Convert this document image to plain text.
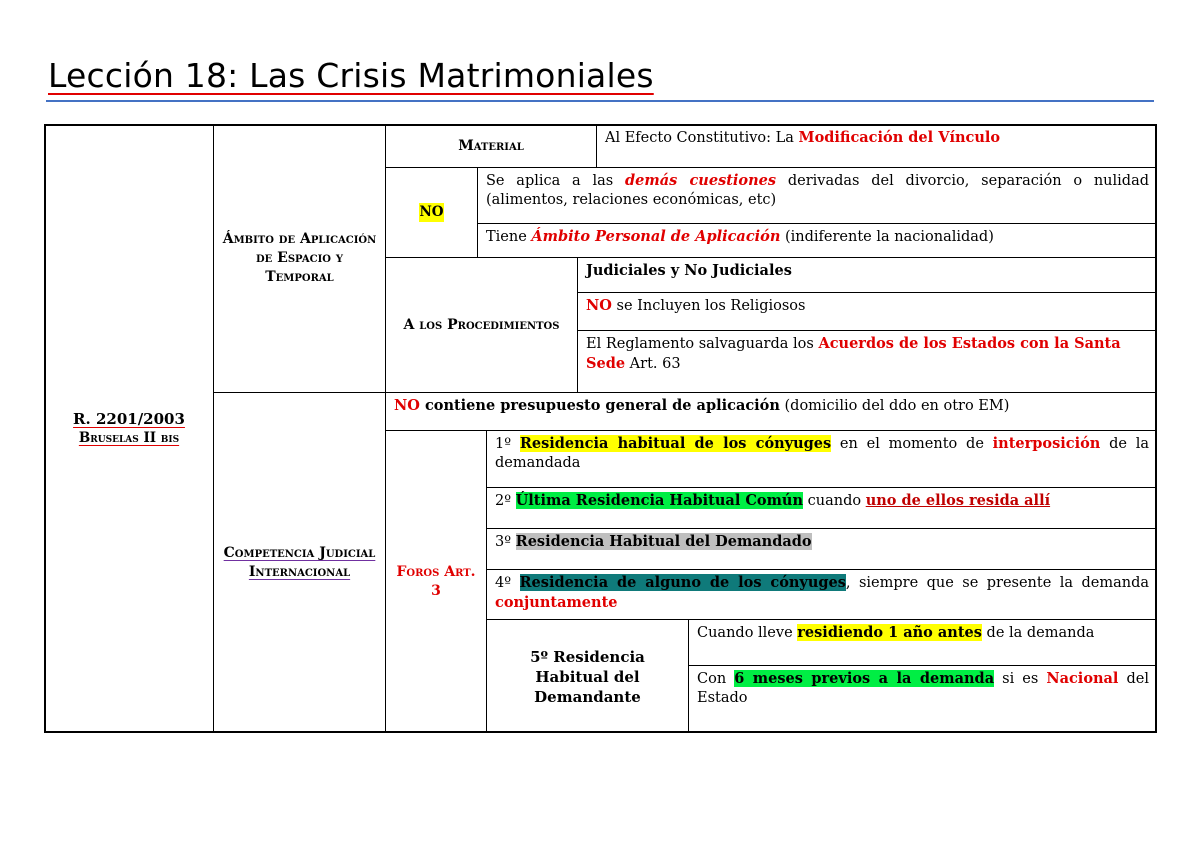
Lección 18: Las Crisis Matrimoniales
R. 2201/2003
Bruselas II bis
Ámbito de Aplicación de Espacio y Temporal
Material	Al Efecto Constitutivo: La Modificación del Vínculo
NO
Se aplica a las demás cuestiones derivadas del divorcio, separación o nulidad (alimentos, relaciones económicas, etc)
Tiene Ámbito Personal de Aplicación (indiferente la nacionalidad)
A los Procedimientos
Judiciales y No Judiciales
NO se Incluyen los Religiosos
El Reglamento salvaguarda los Acuerdos de los Estados con la Santa Sede Art. 63
Competencia Judicial Internacional
NO contiene presupuesto general de aplicación (domicilio del ddo en otro EM)
Foros Art. 3
1º Residencia habitual de los cónyuges en el momento de interposición de la demandada
2º Última Residencia Habitual Común cuando uno de ellos resida allí
3º Residencia Habitual del Demandado
4º Residencia de alguno de los cónyuges, siempre que se presente la demanda conjuntamente
5º Residencia Habitual del Demandante
Cuando lleve residiendo 1 año antes de la demanda
Con 6 meses previos a la demanda si es Nacional del Estado
